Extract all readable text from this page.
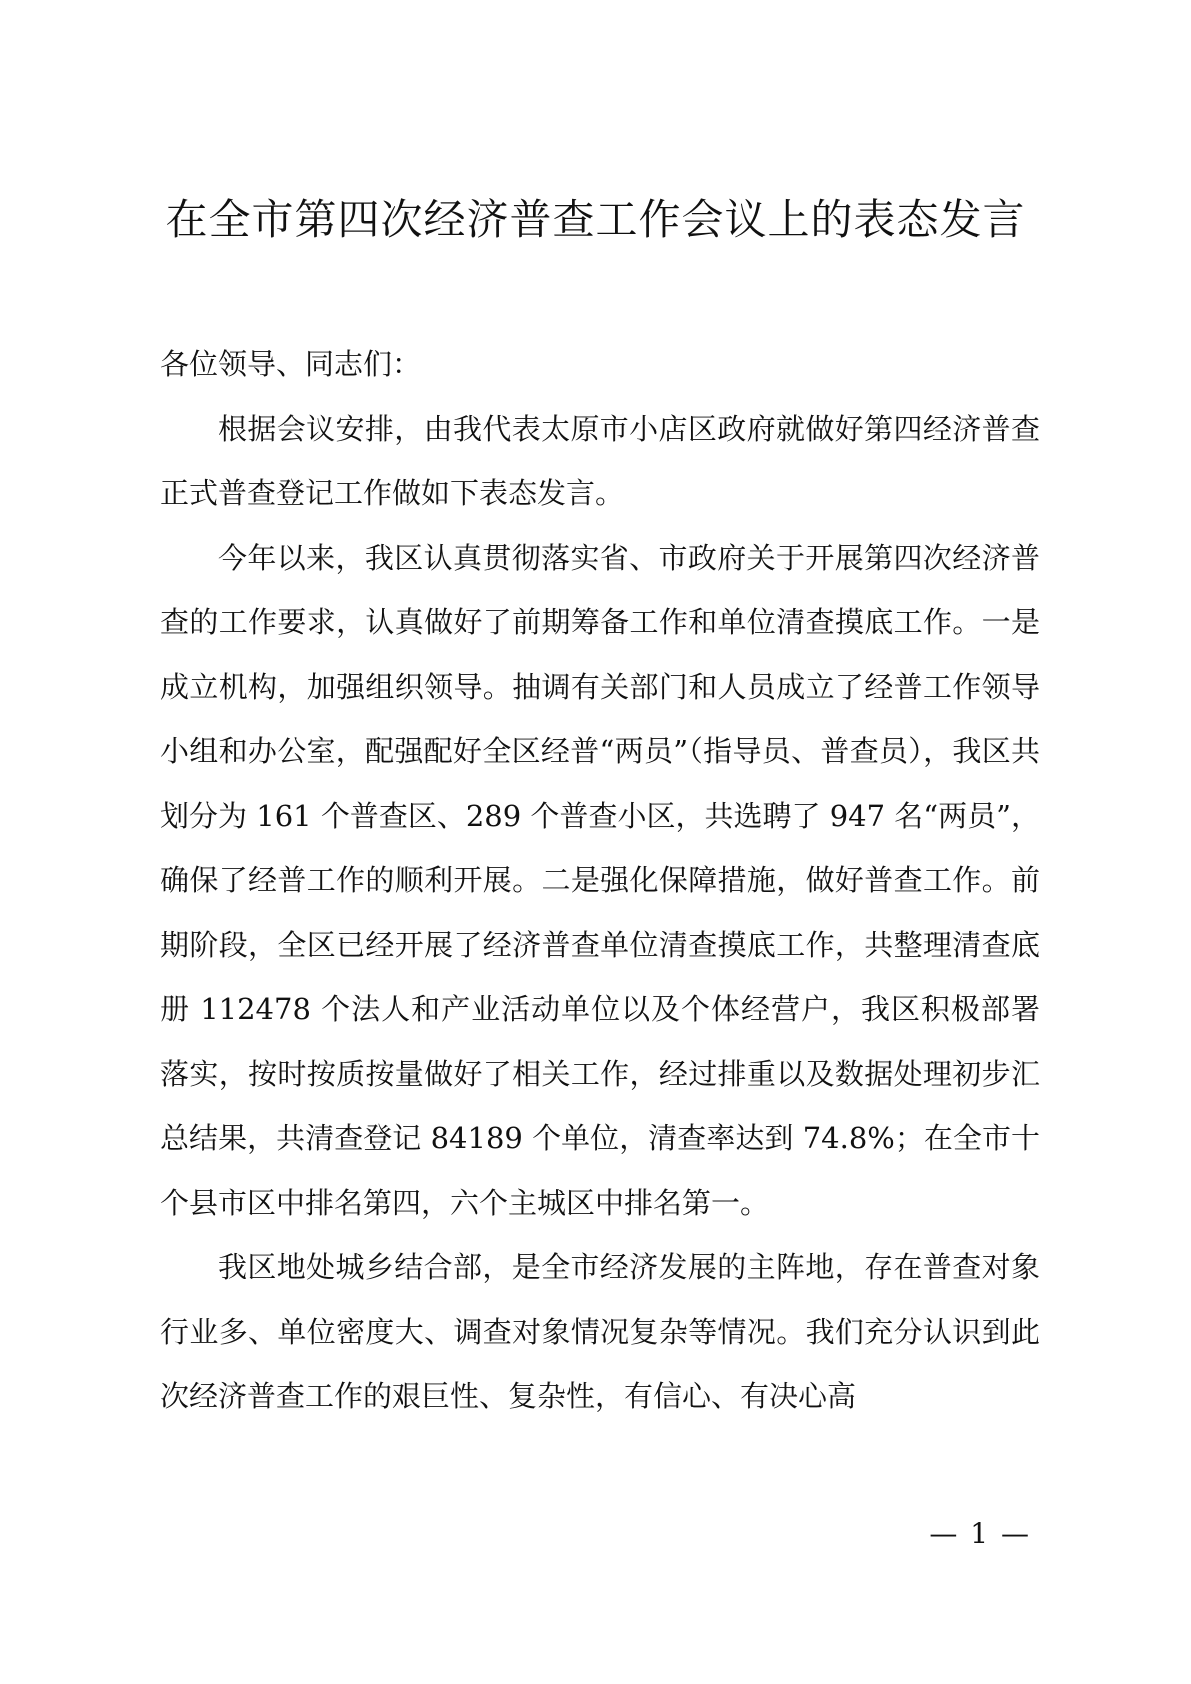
在全市第四次经济普查工作会议上的表态发言

各位领导、同志们：

根据会议安排，由我代表太原市小店区政府就做好第四经济普查正式普查登记工作做如下表态发言。

今年以来，我区认真贯彻落实省、市政府关于开展第四次经济普查的工作要求，认真做好了前期筹备工作和单位清查摸底工作。一是成立机构，加强组织领导。抽调有关部门和人员成立了经普工作领导小组和办公室，配强配好全区经普“两员”（指导员、普查员），我区共划分为 161 个普查区、289 个普查小区，共选聘了 947 名“两员”，确保了经普工作的顺利开展。二是强化保障措施，做好普查工作。前期阶段，全区已经开展了经济普查单位清查摸底工作，共整理清查底册 112478 个法人和产业活动单位以及个体经营户，我区积极部署落实，按时按质按量做好了相关工作，经过排重以及数据处理初步汇总结果，共清查登记 84189 个单位，清查率达到 74.8%；在全市十个县市区中排名第四，六个主城区中排名第一。

我区地处城乡结合部，是全市经济发展的主阵地，存在普查对象行业多、单位密度大、调查对象情况复杂等情况。我们充分认识到此次经济普查工作的艰巨性、复杂性，有信心、有决心高

— 1 —
